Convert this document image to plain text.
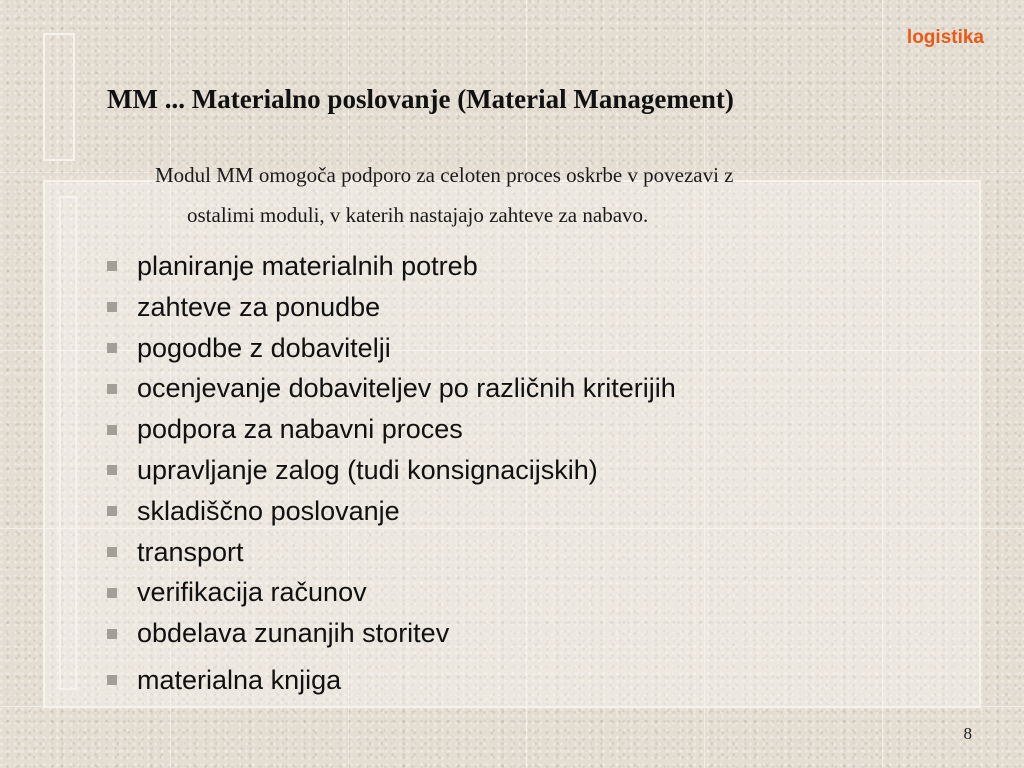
logistika
MM ... Materialno poslovanje (Material Management)
Modul MM omogoča podporo za celoten proces oskrbe v povezavi z
ostalimi moduli, v katerih nastajajo zahteve za nabavo.
planiranje materialnih potreb
zahteve za ponudbe
pogodbe z dobavitelji
ocenjevanje dobaviteljev po različnih kriterijih
podpora za nabavni proces
upravljanje zalog (tudi konsignacijskih)
skladiščno poslovanje
transport
verifikacija računov
obdelava zunanjih storitev
materialna knjiga
8
